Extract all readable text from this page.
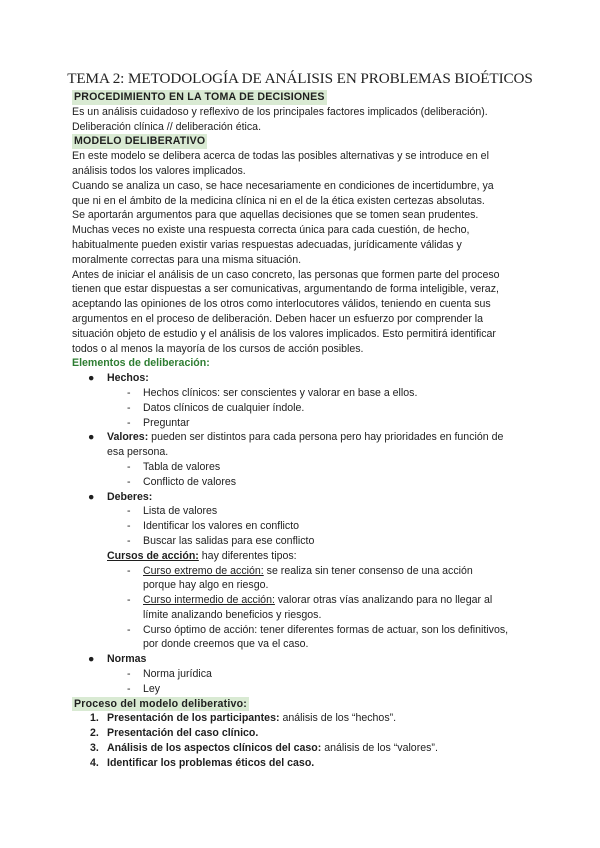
TEMA 2: METODOLOGÍA DE ANÁLISIS EN PROBLEMAS BIOÉTICOS

PROCEDIMIENTO EN LA TOMA DE DECISIONES

Es un análisis cuidadoso y reflexivo de los principales factores implicados (deliberación).

Deliberación clínica // deliberación ética.

MODELO DELIBERATIVO

En este modelo se delibera acerca de todas las posibles alternativas y se introduce en el

análisis todos los valores implicados.

Cuando se analiza un caso, se hace necesariamente en condiciones de incertidumbre, ya

que ni en el ámbito de la medicina clínica ni en el de la ética existen certezas absolutas.

Se aportarán argumentos para que aquellas decisiones que se tomen sean prudentes.

Muchas veces no existe una respuesta correcta única para cada cuestión, de hecho,

habitualmente pueden existir varias respuestas adecuadas, jurídicamente válidas y

moralmente correctas para una misma situación.

Antes de iniciar el análisis de un caso concreto, las personas que formen parte del proceso

tienen que estar dispuestas a ser comunicativas, argumentando de forma inteligible, veraz,

aceptando las opiniones de los otros como interlocutores válidos, teniendo en cuenta sus

argumentos en el proceso de deliberación. Deben hacer un esfuerzo por comprender la

situación objeto de estudio y el análisis de los valores implicados. Esto permitirá identificar

todos o al menos la mayoría de los cursos de acción posibles.

Elementos de deliberación:

● Hechos:
- Hechos clínicos: ser conscientes y valorar en base a ellos.
- Datos clínicos de cualquier índole.
- Preguntar
● Valores: pueden ser distintos para cada persona pero hay prioridades en función de
esa persona.
- Tabla de valores
- Conflicto de valores
● Deberes:
- Lista de valores
- Identificar los valores en conflicto
- Buscar las salidas para ese conflicto
Cursos de acción: hay diferentes tipos:
- Curso extremo de acción: se realiza sin tener consenso de una acción
porque hay algo en riesgo.
- Curso intermedio de acción: valorar otras vías analizando para no llegar al
límite analizando beneficios y riesgos.
- Curso óptimo de acción: tener diferentes formas de actuar, son los definitivos,
por donde creemos que va el caso.
● Normas
- Norma jurídica
- Ley

Proceso del modelo deliberativo:

1. Presentación de los participantes: análisis de los “hechos”.
2. Presentación del caso clínico.
3. Análisis de los aspectos clínicos del caso: análisis de los “valores”.
4. Identificar los problemas éticos del caso.
